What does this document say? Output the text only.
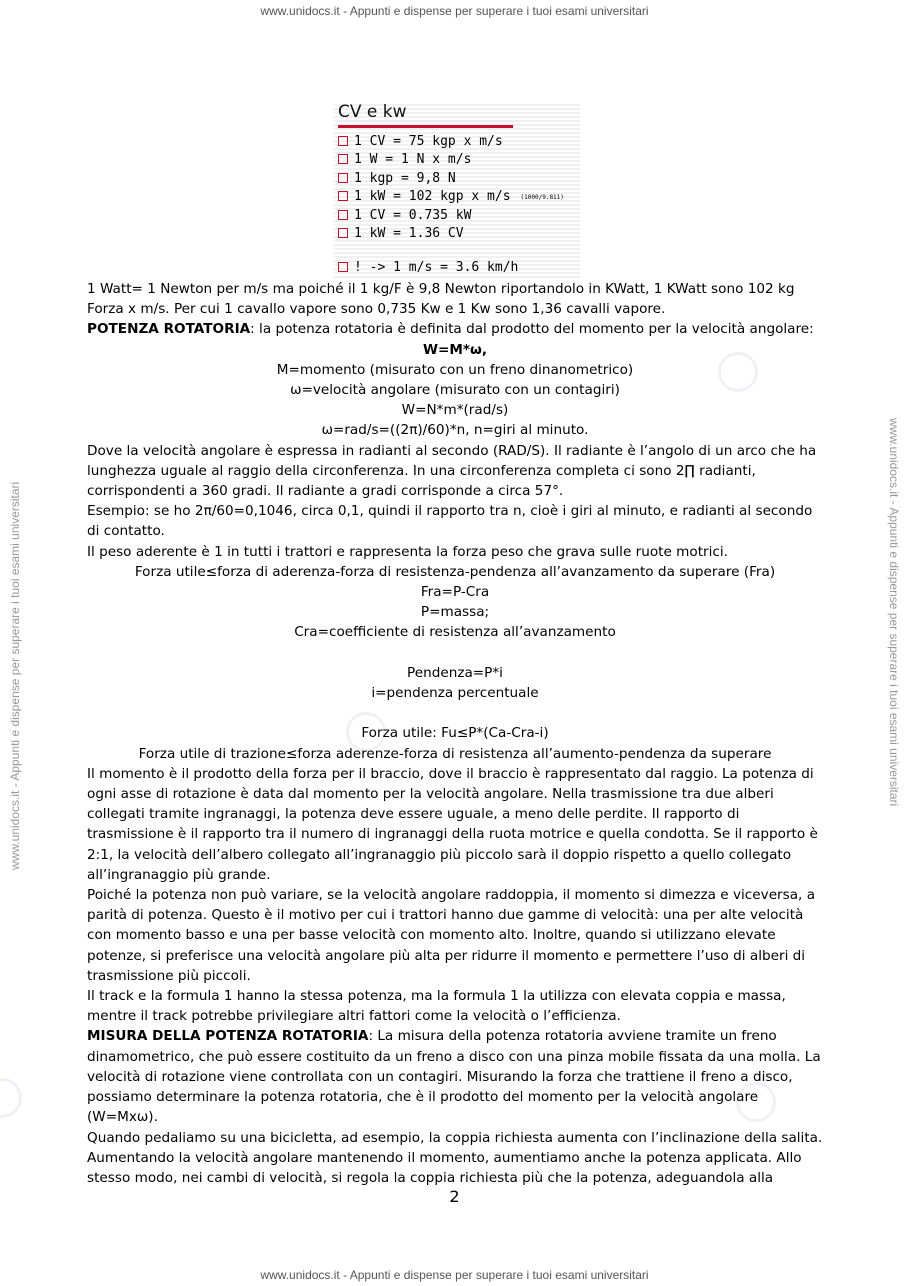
www.unidocs.it - Appunti e dispense per superare i tuoi esami universitari
www.unidocs.it - Appunti e dispense per superare i tuoi esami universitari
www.unidocs.it - Appunti e dispense per superare i tuoi esami universitari	www.unidocs.it - Appunti e dispense per superare i tuoi esami universitari
CV e kw
1 CV = 75 kgp x m/s
1 W = 1 N x m/s
1 kgp = 9,8 N
1 kW = 102 kgp x m/s (1000/9.811)
1 CV = 0.735 kW
1 kW = 1.36 CV
! -> 1 m/s = 3.6 km/h

1 Watt= 1 Newton per m/s ma poiché il 1 kg/F è 9,8 Newton riportandolo in KWatt, 1 KWatt sono 102 kg Forza x m/s. Per cui 1 cavallo vapore sono 0,735 Kw e 1 Kw sono 1,36 cavalli vapore.

POTENZA ROTATORIA: la potenza rotatoria è definita dal prodotto del momento per la velocità angolare:

W=M*ω,

M=momento (misurato con un freno dinanometrico)

ω=velocità angolare (misurato con un contagiri)

W=N*m*(rad/s)

ω=rad/s=((2π)/60)*n, n=giri al minuto.

Dove la velocità angolare è espressa in radianti al secondo (RAD/S). Il radiante è l’angolo di un arco che ha lunghezza uguale al raggio della circonferenza. In una circonferenza completa ci sono 2∏ radianti, corrispondenti a 360 gradi. Il radiante a gradi corrisponde a circa 57°.

Esempio: se ho 2π/60=0,1046, circa 0,1, quindi il rapporto tra n, cioè i giri al minuto, e radianti al secondo di contatto.

Il peso aderente è 1 in tutti i trattori e rappresenta la forza peso che grava sulle ruote motrici.

Forza utile≤forza di aderenza-forza di resistenza-pendenza all’avanzamento da superare (Fra)

Fra=P-Cra

P=massa;

Cra=coefficiente di resistenza all’avanzamento

Pendenza=P*i

i=pendenza percentuale

Forza utile: Fu≤P*(Ca-Cra-i)

Forza utile di trazione≤forza aderenze-forza di resistenza all’aumento-pendenza da superare

Il momento è il prodotto della forza per il braccio, dove il braccio è rappresentato dal raggio. La potenza di ogni asse di rotazione è data dal momento per la velocità angolare. Nella trasmissione tra due alberi collegati tramite ingranaggi, la potenza deve essere uguale, a meno delle perdite. Il rapporto di trasmissione è il rapporto tra il numero di ingranaggi della ruota motrice e quella condotta. Se il rapporto è 2:1, la velocità dell’albero collegato all’ingranaggio più piccolo sarà il doppio rispetto a quello collegato all’ingranaggio più grande.

Poiché la potenza non può variare, se la velocità angolare raddoppia, il momento si dimezza e viceversa, a parità di potenza. Questo è il motivo per cui i trattori hanno due gamme di velocità: una per alte velocità con momento basso e una per basse velocità con momento alto. Inoltre, quando si utilizzano elevate potenze, si preferisce una velocità angolare più alta per ridurre il momento e permettere l’uso di alberi di trasmissione più piccoli.

Il track e la formula 1 hanno la stessa potenza, ma la formula 1 la utilizza con elevata coppia e massa, mentre il track potrebbe privilegiare altri fattori come la velocità o l’efficienza.

MISURA DELLA POTENZA ROTATORIA: La misura della potenza rotatoria avviene tramite un freno dinamometrico, che può essere costituito da un freno a disco con una pinza mobile fissata da una molla. La velocità di rotazione viene controllata con un contagiri. Misurando la forza che trattiene il freno a disco, possiamo determinare la potenza rotatoria, che è il prodotto del momento per la velocità angolare (W=Mxω).

Quando pedaliamo su una bicicletta, ad esempio, la coppia richiesta aumenta con l’inclinazione della salita. Aumentando la velocità angolare mantenendo il momento, aumentiamo anche la potenza applicata. Allo stesso modo, nei cambi di velocità, si regola la coppia richiesta più che la potenza, adeguandola alla

2
